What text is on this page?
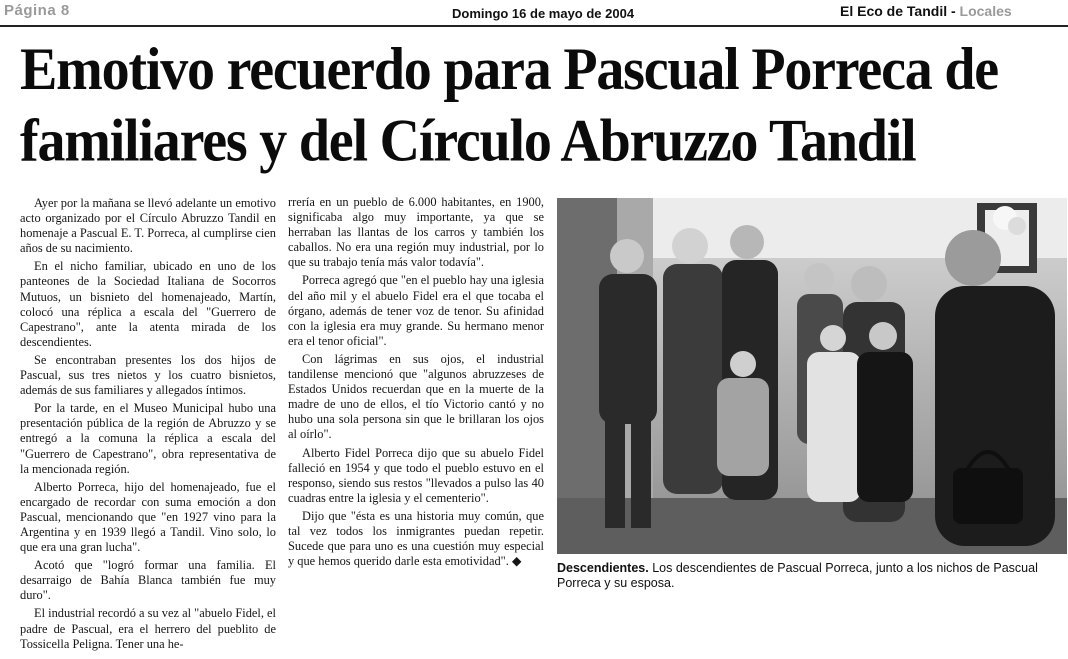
Página 8	Domingo 16 de mayo de 2004	El Eco de Tandil - Locales
Emotivo recuerdo para Pascual Porreca de
familiares y del Círculo Abruzzo Tandil

Ayer por la mañana se llevó adelante un emotivo acto organizado por el Círculo Abruzzo Tandil en homenaje a Pascual E. T. Porreca, al cumplirse cien años de su nacimiento.

En el nicho familiar, ubicado en uno de los panteones de la Sociedad Italiana de Socorros Mutuos, un bisnieto del homenajeado, Martín, colocó una réplica a escala del "Guerrero de Capestrano", ante la atenta mirada de los descendientes.

Se encontraban presentes los dos hijos de Pascual, sus tres nietos y los cuatro bisnietos, además de sus familiares y allegados íntimos.

Por la tarde, en el Museo Municipal hubo una presentación pública de la región de Abruzzo y se entregó a la comuna la réplica a escala del "Guerrero de Capestrano", obra representativa de la mencionada región.

Alberto Porreca, hijo del homenajeado, fue el encargado de recordar con suma emoción a don Pascual, mencionando que "en 1927 vino para la Argentina y en 1939 llegó a Tandil. Vino solo, lo que era una gran lucha".

Acotó que "logró formar una familia. El desarraigo de Bahía Blanca también fue muy duro".

El industrial recordó a su vez al "abuelo Fidel, el padre de Pascual, era el herrero del pueblito de Tossicella Peligna. Tener una he-

rrería en un pueblo de 6.000 habitantes, en 1900, significaba algo muy importante, ya que se herraban las llantas de los carros y también los caballos. No era una región muy industrial, por lo que su trabajo tenía más valor todavía".

Porreca agregó que "en el pueblo hay una iglesia del año mil y el abuelo Fidel era el que tocaba el órgano, además de tener voz de tenor. Su afinidad con la iglesia era muy grande. Su hermano menor era el tenor oficial".

Con lágrimas en sus ojos, el industrial tandilense mencionó que "algunos abruzzeses de Estados Unidos recuerdan que en la muerte de la madre de uno de ellos, el tío Victorio cantó y no hubo una sola persona sin que le brillaran los ojos al oírlo".

Alberto Fidel Porreca dijo que su abuelo Fidel falleció en 1954 y que todo el pueblo estuvo en el responso, siendo sus restos "llevados a pulso las 40 cuadras entre la iglesia y el cementerio".

Dijo que "ésta es una historia muy común, que tal vez todos los inmigrantes puedan repetir. Sucede que para uno es una cuestión muy especial y que hemos querido darle esta emotividad". ◆	Descendientes. Los descendientes de Pascual Porreca, junto a los nichos de Pascual Porreca y su esposa.
